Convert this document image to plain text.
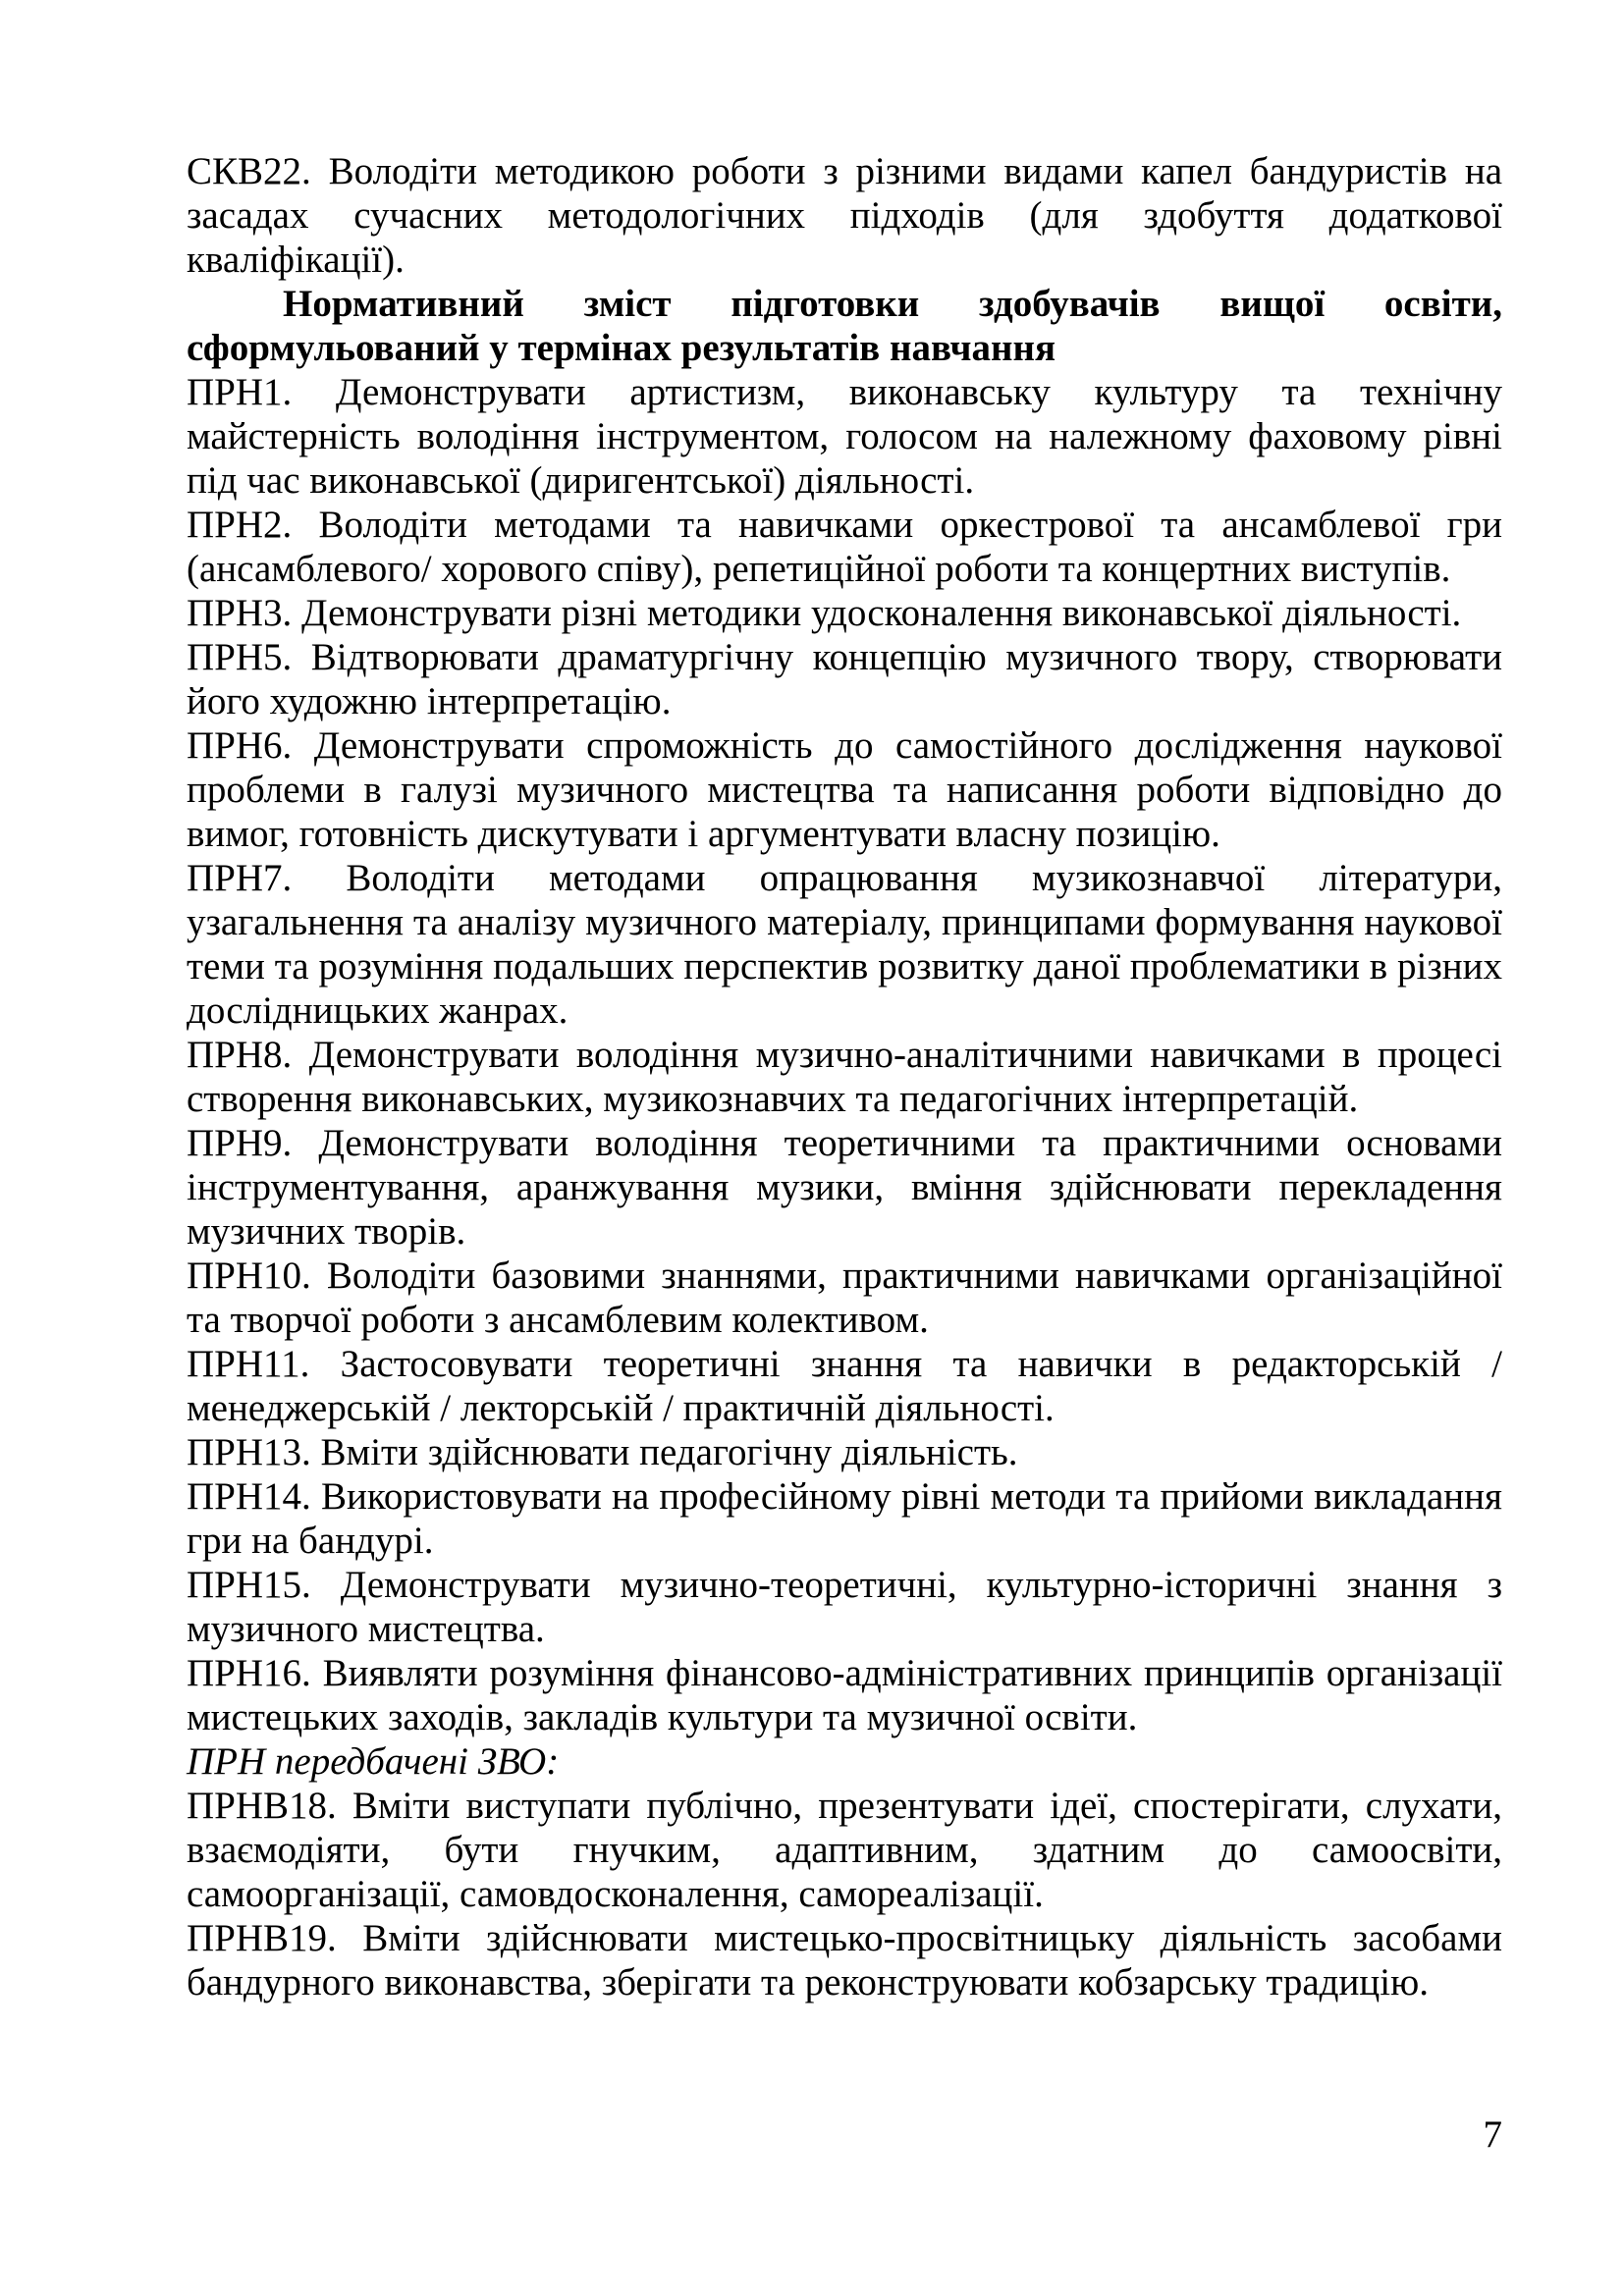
СКВ22. Володіти методикою роботи з різними видами капел бандуристів на засадах сучасних методологічних підходів (для здобуття додаткової кваліфікації).

Нормативний зміст підготовки здобувачів вищої освіти, сформульований у термінах результатів навчання

ПРН1. Демонструвати артистизм, виконавську культуру та технічну майстерність володіння інструментом, голосом на належному фаховому рівні під час виконавської (диригентської) діяльності.

ПРН2. Володіти методами та навичками оркестрової та ансамблевої гри (ансамблевого/ хорового співу), репетиційної роботи та концертних виступів.

ПРН3. Демонструвати різні методики удосконалення виконавської діяльності.

ПРН5. Відтворювати драматургічну концепцію музичного твору, створювати його художню інтерпретацію.

ПРН6. Демонструвати спроможність до самостійного дослідження наукової проблеми в галузі музичного мистецтва та написання роботи відповідно до вимог, готовність дискутувати і аргументувати власну позицію.

ПРН7. Володіти методами опрацювання музикознавчої літератури, узагальнення та аналізу музичного матеріалу, принципами формування наукової теми та розуміння подальших перспектив розвитку даної проблематики в різних дослідницьких жанрах.

ПРН8. Демонструвати володіння музично-аналітичними навичками в процесі створення виконавських, музикознавчих та педагогічних інтерпретацій.

ПРН9. Демонструвати володіння теоретичними та практичними основами інструментування, аранжування музики, вміння здійснювати перекладення музичних творів.

ПРН10. Володіти базовими знаннями, практичними навичками організаційної та творчої роботи з ансамблевим колективом.

ПРН11. Застосовувати теоретичні знання та навички в редакторській / менеджерській / лекторській / практичній діяльності.

ПРН13. Вміти здійснювати педагогічну діяльність.

ПРН14. Використовувати на професійному рівні методи та прийоми викладання гри на бандурі.

ПРН15. Демонструвати музично-теоретичні, культурно-історичні знання з музичного мистецтва.

ПРН16. Виявляти розуміння фінансово-адміністративних принципів організації мистецьких заходів, закладів культури та музичної освіти.

ПРН передбачені ЗВО:

ПРНВ18. Вміти виступати публічно, презентувати ідеї, спостерігати, слухати, взаємодіяти, бути гнучким, адаптивним, здатним до самоосвіти, самоорганізації, самовдосконалення, самореалізації.

ПРНВ19. Вміти здійснювати мистецько-просвітницьку діяльність засобами бандурного виконавства, зберігати та реконструювати кобзарську традицію.

7
